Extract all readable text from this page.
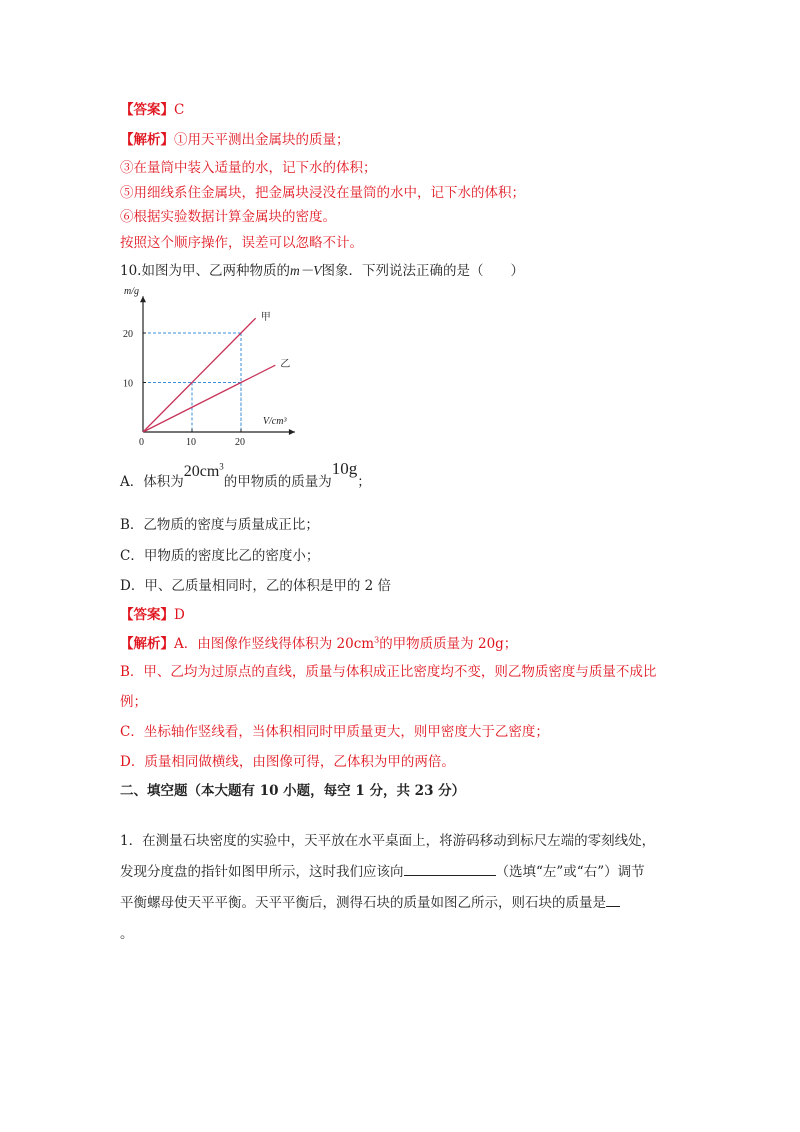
【答案】C
【解析】①用天平测出金属块的质量；
③在量筒中装入适量的水，记下水的体积；
⑤用细线系住金属块，把金属块浸没在量筒的水中，记下水的体积；
⑥根据实验数据计算金属块的密度。
按照这个顺序操作，误差可以忽略不计。
10.如图为甲、乙两种物质的m－V图象．下列说法正确的是（　　）
0	10	20
10
20
甲
乙
m/g
V/cm³
A．体积为$20cm^3$的甲物质的质量为10g；
B．乙物质的密度与质量成正比；
C．甲物质的密度比乙的密度小；
D．甲、乙质量相同时，乙的体积是甲的 2 倍
【答案】D
【解析】A．由图像作竖线得体积为 $20cm^3$的甲物质质量为 20g；
B．甲、乙均为过原点的直线，质量与体积成正比密度均不变，则乙物质密度与质量不成比
例；
C．坐标轴作竖线看，当体积相同时甲质量更大，则甲密度大于乙密度；
D．质量相同做横线，由图像可得，乙体积为甲的两倍。
二、填空题（本大题有 10 小题，每空 1 分，共 23 分）
1．在测量石块密度的实验中，天平放在水平桌面上，将游码移动到标尺左端的零刻线处，
发现分度盘的指针如图甲所示，这时我们应该向	（选填“左”或“右”）调节
平衡螺母使天平平衡。天平平衡后，测得石块的质量如图乙所示，则石块的质量是
。
